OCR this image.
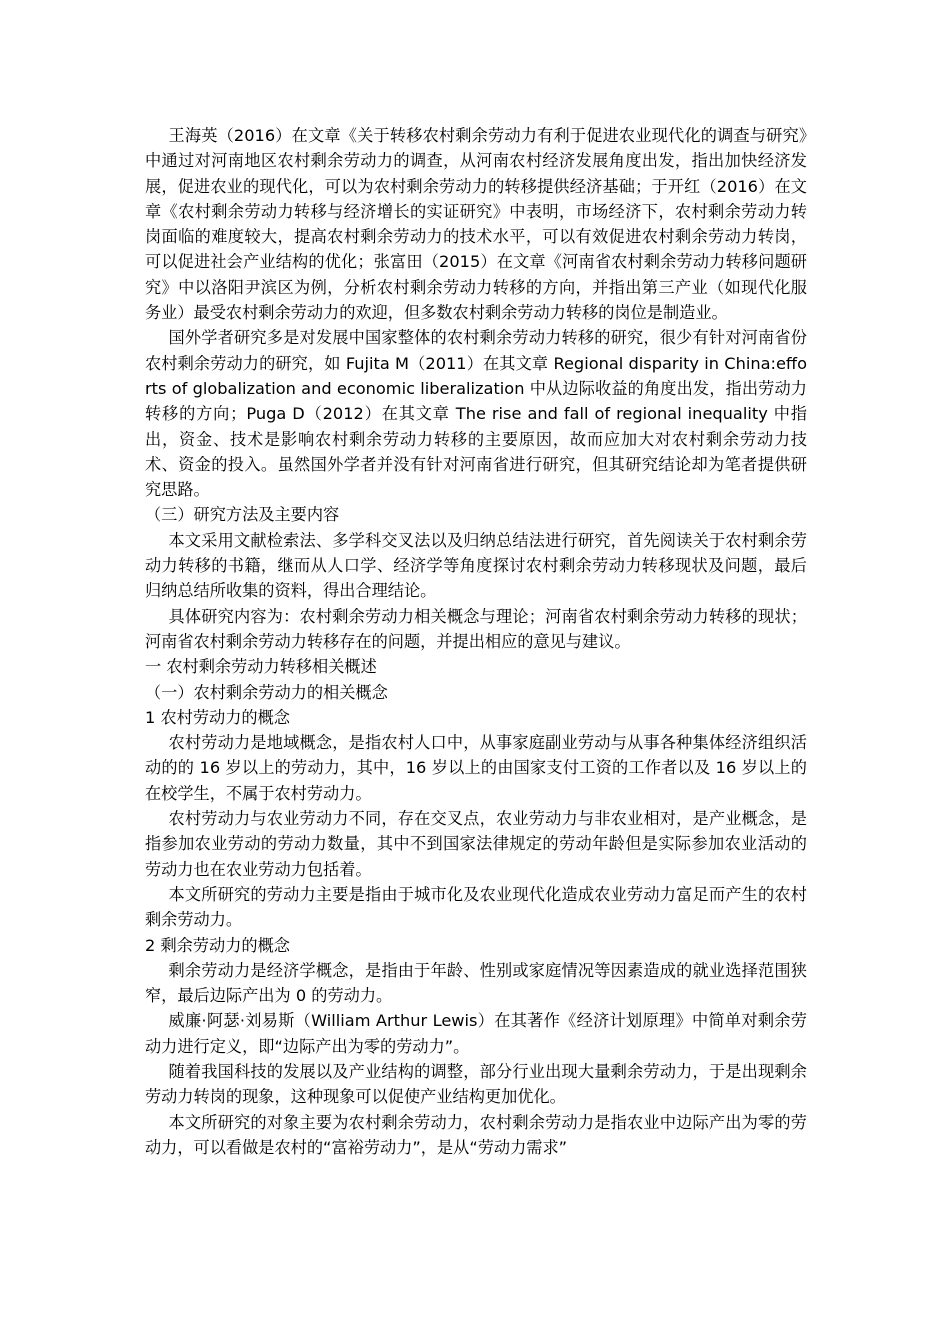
王海英（2016）在文章《关于转移农村剩余劳动力有利于促进农业现代化的调查与研究》中通过对河南地区农村剩余劳动力的调查，从河南农村经济发展角度出发，指出加快经济发展，促进农业的现代化，可以为农村剩余劳动力的转移提供经济基础；于开红（2016）在文章《农村剩余劳动力转移与经济增长的实证研究》中表明，市场经济下，农村剩余劳动力转岗面临的难度较大，提高农村剩余劳动力的技术水平，可以有效促进农村剩余劳动力转岗，可以促进社会产业结构的优化；张富田（2015）在文章《河南省农村剩余劳动力转移问题研究》中以洛阳尹滨区为例，分析农村剩余劳动力转移的方向，并指出第三产业（如现代化服务业）最受农村剩余劳动力的欢迎，但多数农村剩余劳动力转移的岗位是制造业。

国外学者研究多是对发展中国家整体的农村剩余劳动力转移的研究，很少有针对河南省份农村剩余劳动力的研究，如 Fujita M（2011）在其文章 Regional disparity in China:efforts of globalization and economic liberalization 中从边际收益的角度出发，指出劳动力转移的方向；Puga D（2012）在其文章 The rise and fall of regional inequality 中指出，资金、技术是影响农村剩余劳动力转移的主要原因，故而应加大对农村剩余劳动力技术、资金的投入。虽然国外学者并没有针对河南省进行研究，但其研究结论却为笔者提供研究思路。

（三）研究方法及主要内容

本文采用文献检索法、多学科交叉法以及归纳总结法进行研究，首先阅读关于农村剩余劳动力转移的书籍，继而从人口学、经济学等角度探讨农村剩余劳动力转移现状及问题，最后归纳总结所收集的资料，得出合理结论。

具体研究内容为：农村剩余劳动力相关概念与理论；河南省农村剩余劳动力转移的现状；河南省农村剩余劳动力转移存在的问题，并提出相应的意见与建议。

一 农村剩余劳动力转移相关概述

（一）农村剩余劳动力的相关概念

1 农村劳动力的概念

农村劳动力是地域概念，是指农村人口中，从事家庭副业劳动与从事各种集体经济组织活动的的 16 岁以上的劳动力，其中，16 岁以上的由国家支付工资的工作者以及 16 岁以上的在校学生，不属于农村劳动力。

农村劳动力与农业劳动力不同，存在交叉点，农业劳动力与非农业相对，是产业概念，是指参加农业劳动的劳动力数量，其中不到国家法律规定的劳动年龄但是实际参加农业活动的劳动力也在农业劳动力包括着。

本文所研究的劳动力主要是指由于城市化及农业现代化造成农业劳动力富足而产生的农村剩余劳动力。

2 剩余劳动力的概念

剩余劳动力是经济学概念，是指由于年龄、性别或家庭情况等因素造成的就业选择范围狭窄，最后边际产出为 0 的劳动力。

威廉·阿瑟·刘易斯（William Arthur Lewis）在其著作《经济计划原理》中简单对剩余劳动力进行定义，即“边际产出为零的劳动力”。

随着我国科技的发展以及产业结构的调整，部分行业出现大量剩余劳动力，于是出现剩余劳动力转岗的现象，这种现象可以促使产业结构更加优化。

本文所研究的对象主要为农村剩余劳动力，农村剩余劳动力是指农业中边际产出为零的劳动力，可以看做是农村的“富裕劳动力”，是从“劳动力需求”
